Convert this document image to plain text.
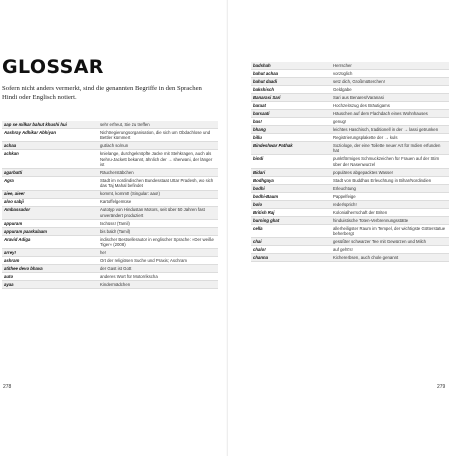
GLOSSAR
Sofern nicht anders vermerkt, sind die genannten Begriffe in den Sprachen Hindi oder Englisch notiert.
aap se milkar bahut khushi hui	sehr erfreut, Sie zu treffen
Aashray Adhikar Abhiyan	Nichtregierungsorganisation, die sich um Obdachlose und Bettler kümmert
achaa	gut/ach so/nun
achkan	knielange, durchgeknöpfte Jacke mit Stehkragen, auch als Nehru-Jackett bekannt, ähnlich der → sherwani, der länger ist
agarbatti	Räucherstäbchen
Agra	Stadt im nordindischen Bundesstaat Uttar Pradesh, wo sich das Taj Mahal befindet
aiee, aiee!	kommt, kommt! (Singular: aao!)
aloo sabji	Kartoffelgemüse
Ambassador	Autotyp von Hindustan Motors, seit über 50 Jahren fast unverändert produziert
appuram	tschüss! (Tamil)
appuram paarkalaam	bis bald! (Tamil)
Aravid Adiga	indischer Bestsellerautor in englischer Sprache: »Der weiße Tiger« (2008)
arrey!	he!
ashram	Ort der religiösen Suche und Praxis; Aschram
atithee devo bhava	der Gast ist Gott
auto	anderes Wort für Motorrikscha
ayaa	Kindermädchen
278
badshah	Herrscher
bahut achaa	vorzüglich
bahut daadi	setz dich, Großmütterchen!
bakshisch	Geldgabe
Banarasi Sari	Sari aus Benares/Varanasi
baraat	Hochzeitszug des Bräutigams
barsaati	Häuschen auf dem Flachdach eines Wohnhauses
bas!	genug!
bhang	leichtes Haschisch, traditionell in der → lassi getrunken
billu	Registrierungsplakette der → kuls
Bindeshwar Pathak	Soziologe, der eine Toilette neuer Art für Indien erfunden hat
bindi	punktförmiges Schmuckzeichen für Frauen auf der Stirn über der Nasenwurzel
Bidari	populäres abgepacktes Wasser
Bodhgaya	Stadt von Buddhas Erleuchtung in Bihar/Nordindien
bodhi	Erleuchtung
bodhi-Baum	Pappelfeige
bolo	rede!/sprich!
British Raj	Kolonialherrschaft der Briten
burning ghat	hinduistische Toten-Verbrennungsstätte
cella	allerheiligster Raum im Tempel, der wichtigste Götterstatue beherbergt
chai	gesüßter schwarzer Tee mit Gewürzen und Milch
chalo!	auf geht's!
channa	Kichererbsen, auch chole genannt
279
